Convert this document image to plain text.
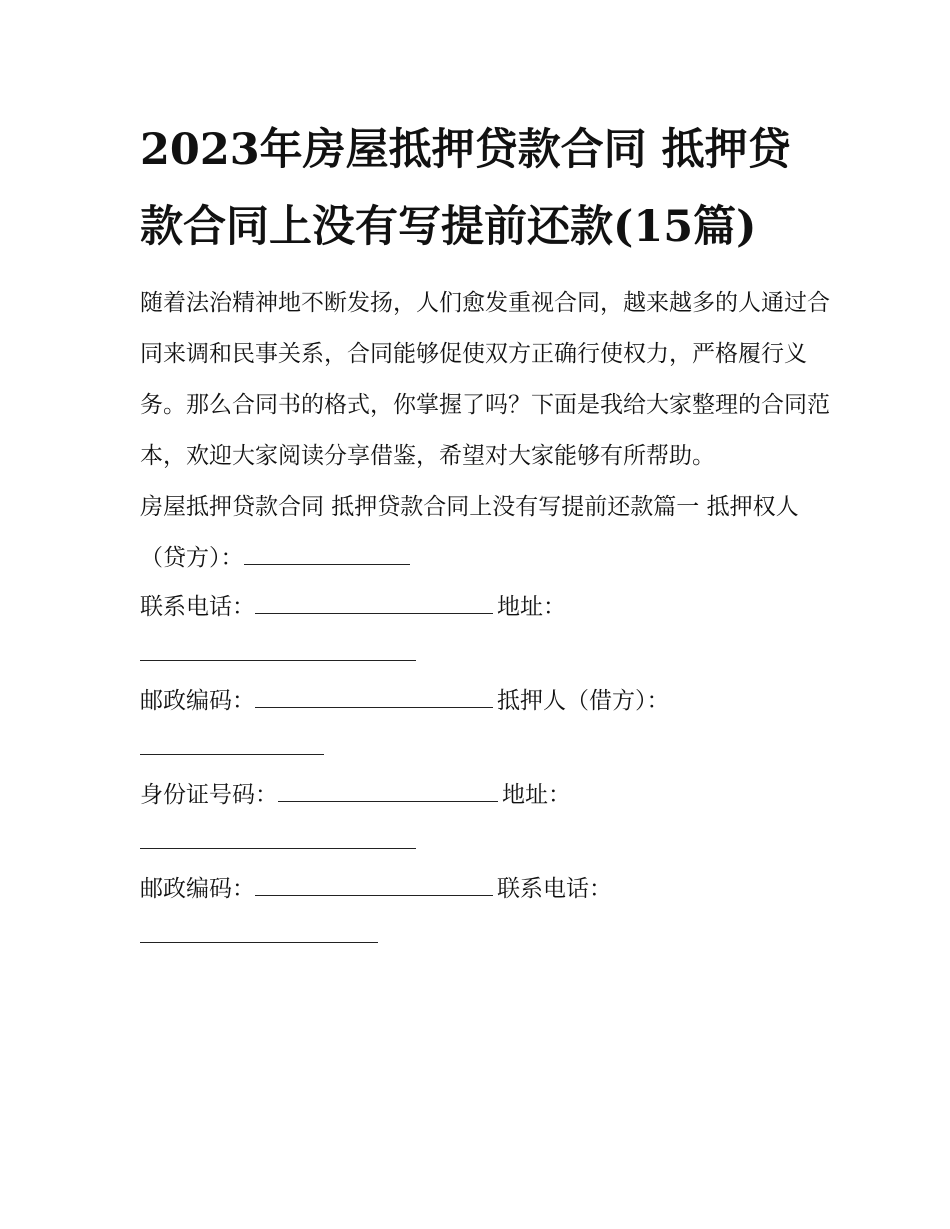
2023年房屋抵押贷款合同 抵押贷款合同上没有写提前还款(15篇)

随着法治精神地不断发扬，人们愈发重视合同，越来越多的人通过合同来调和民事关系，合同能够促使双方正确行使权力，严格履行义务。那么合同书的格式，你掌握了吗？下面是我给大家整理的合同范本，欢迎大家阅读分享借鉴，希望对大家能够有所帮助。

房屋抵押贷款合同 抵押贷款合同上没有写提前还款篇一 抵押权人（贷方）：

联系电话：	地址：
邮政编码：	抵押人（借方）：
身份证号码：	地址：
邮政编码：	联系电话：
